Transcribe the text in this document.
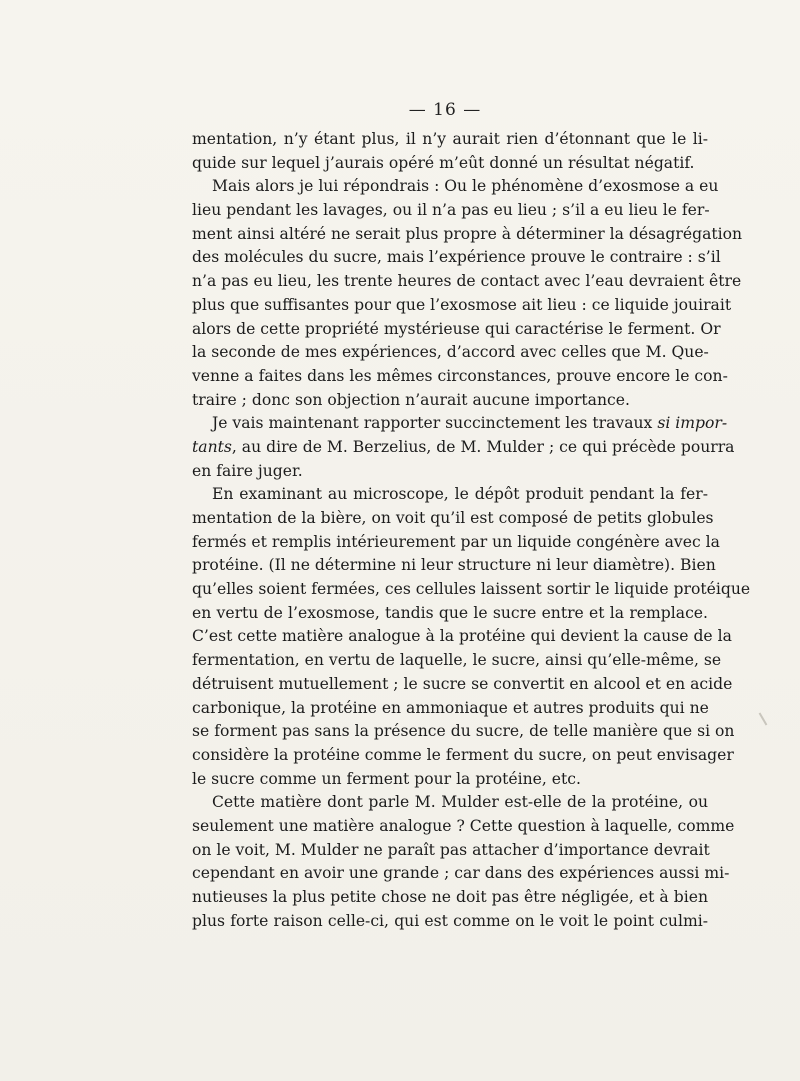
— 16 —
mentation, n’y étant plus, il n’y aurait rien d’étonnant que le li-
quide sur lequel j’aurais opéré m’eût donné un résultat négatif.
Mais alors je lui répondrais : Ou le phénomène d’exosmose a eu
lieu pendant les lavages, ou il n’a pas eu lieu ; s’il a eu lieu le fer-
ment ainsi altéré ne serait plus propre à déterminer la désagrégation
des molécules du sucre, mais l’expérience prouve le contraire : s’il
n’a pas eu lieu, les trente heures de contact avec l’eau devraient être
plus que suffisantes pour que l’exosmose ait lieu : ce liquide jouirait
alors de cette propriété mystérieuse qui caractérise le ferment. Or
la seconde de mes expériences, d’accord avec celles que M. Que-
venne a faites dans les mêmes circonstances, prouve encore le con-
traire ; donc son objection n’aurait aucune importance.
Je vais maintenant rapporter succinctement les travaux si impor-
tants, au dire de M. Berzelius, de M. Mulder ; ce qui précède pourra
en faire juger.
En examinant au microscope, le dépôt produit pendant la fer-
mentation de la bière, on voit qu’il est composé de petits globules
fermés et remplis intérieurement par un liquide congénère avec la
protéine. (Il ne détermine ni leur structure ni leur diamètre). Bien
qu’elles soient fermées, ces cellules laissent sortir le liquide protéique
en vertu de l’exosmose, tandis que le sucre entre et la remplace.
C’est cette matière analogue à la protéine qui devient la cause de la
fermentation, en vertu de laquelle, le sucre, ainsi qu’elle-même, se
détruisent mutuellement ; le sucre se convertit en alcool et en acide
carbonique, la protéine en ammoniaque et autres produits qui ne
se forment pas sans la présence du sucre, de telle manière que si on
considère la protéine comme le ferment du sucre, on peut envisager
le sucre comme un ferment pour la protéine, etc.
Cette matière dont parle M. Mulder est-elle de la protéine, ou
seulement une matière analogue ? Cette question à laquelle, comme
on le voit, M. Mulder ne paraît pas attacher d’importance devrait
cependant en avoir une grande ; car dans des expériences aussi mi-
nutieuses la plus petite chose ne doit pas être négligée, et à bien
plus forte raison celle-ci, qui est comme on le voit le point culmi-
